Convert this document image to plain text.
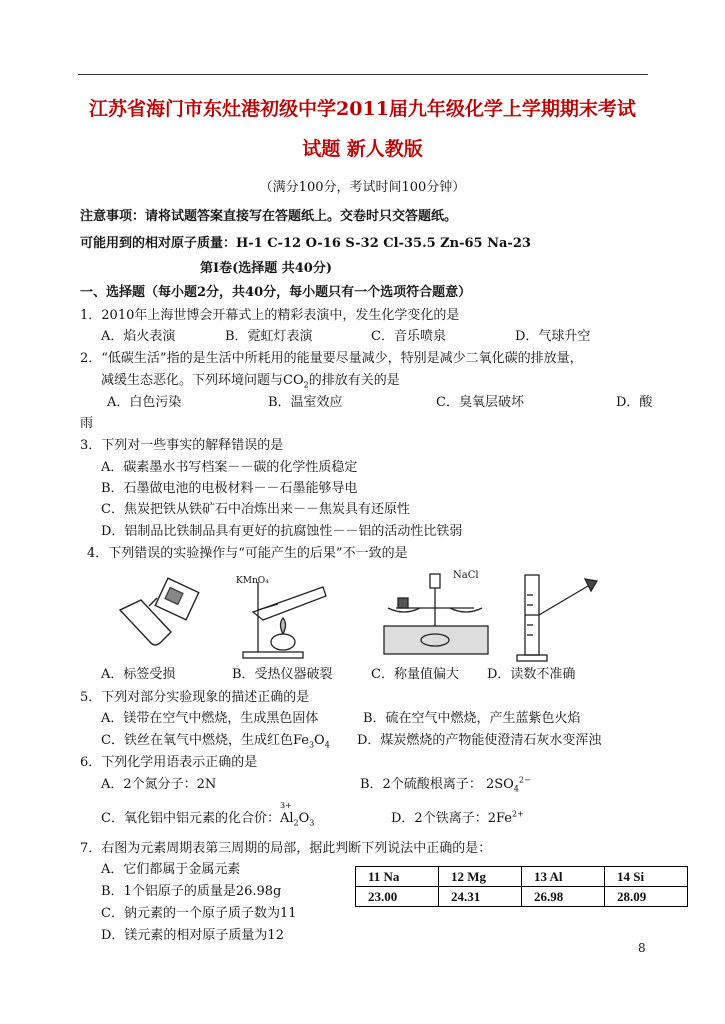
江苏省海门市东灶港初级中学2011届九年级化学上学期期末考试
试题 新人教版
（满分100分，考试时间100分钟）
注意事项：请将试题答案直接写在答题纸上。交卷时只交答题纸。
可能用到的相对原子质量：H-1 C-12 O-16 S-32 Cl-35.5 Zn-65 Na-23
第Ⅰ卷(选择题 共40分)
一、选择题（每小题2分，共40分，每小题只有一个选项符合题意）
1．2010年上海世博会开幕式上的精彩表演中，发生化学变化的是
A．焰火表演	B．霓虹灯表演	C．音乐喷泉	D．气球升空
2．“低碳生活”指的是生活中所耗用的能量要尽量减少，特别是减少二氧化碳的排放量，
减缓生态恶化。下列环境问题与$CO_2$的排放有关的是
A．白色污染	B．温室效应	C．臭氧层破坏	D．酸
雨
3．下列对一些事实的解释错误的是
A．碳素墨水书写档案－－碳的化学性质稳定
B．石墨做电池的电极材料－－石墨能够导电
C．焦炭把铁从铁矿石中冶炼出来－－焦炭具有还原性
D．铝制品比铁制品具有更好的抗腐蚀性－－铝的活动性比铁弱
4．下列错误的实验操作与“可能产生的后果”不一致的是
KMnO₄	NaCl
A．标签受损	B．受热仪器破裂	C．称量值偏大 D．读数不准确
5．下列对部分实验现象的描述正确的是
A．镁带在空气中燃烧，生成黑色固体	B．硫在空气中燃烧，产生蓝紫色火焰
C．铁丝在氧气中燃烧，生成红色$Fe_3O_4$ D．煤炭燃烧的产物能使澄清石灰水变浑浊
6．下列化学用语表示正确的是
A．2个氮分子：2N	B．2个硫酸根离子： $2SO_4^{2-}$
C．氧化铝中铝元素的化合价：
3+
$Al_2O_3$	D．2个铁离子：$2Fe^{2+}$
7．右图为元素周期表第三周期的局部，据此判断下列说法中正确的是：
A．它们都属于金属元素
B．1个铝原子的质量是26.98g
C．钠元素的一个原子质子数为11
D．镁元素的相对原子质量为12
11 Na	12 Mg	13 Al	14 Si
23.00	24.31	26.98	28.09
8
